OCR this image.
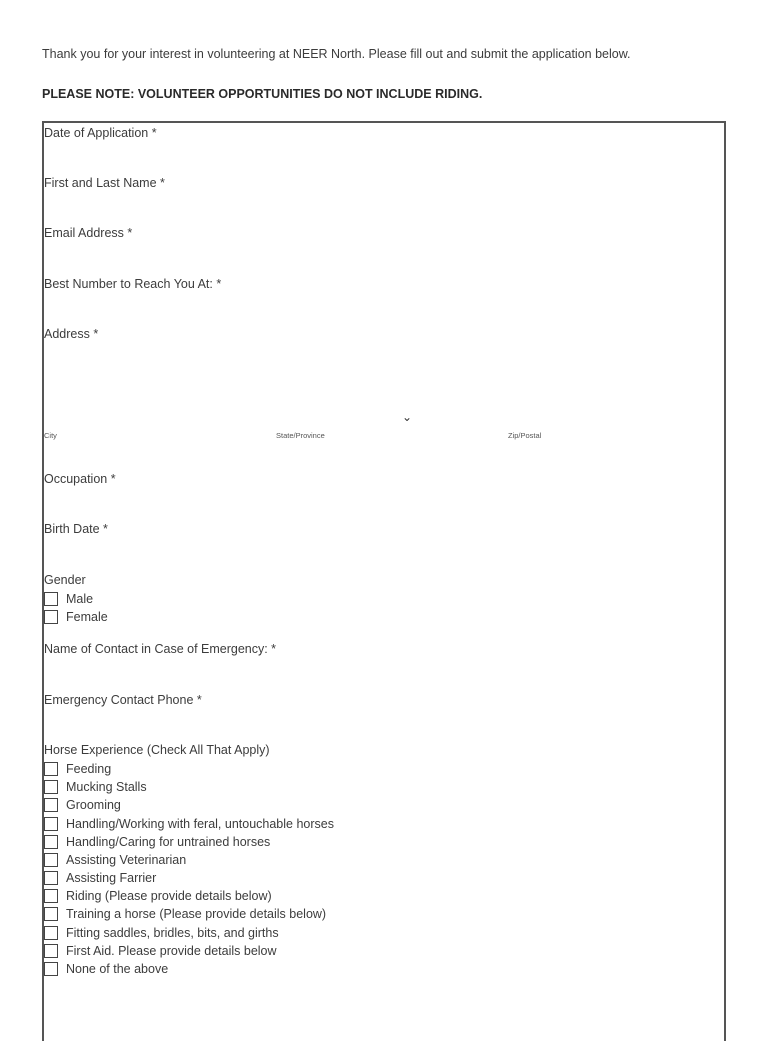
Thank you for your interest in volunteering at NEER North. Please fill out and submit the application below.
PLEASE NOTE: VOLUNTEER OPPORTUNITIES DO NOT INCLUDE RIDING.
Date of Application *
First and Last Name *
Email Address *
Best Number to Reach You At: *
Address *
City	State/Province
⌄
Zip/Postal
Occupation *
Birth Date *
Gender
Male
Female
Name of Contact in Case of Emergency: *
Emergency Contact Phone *
Horse Experience (Check All That Apply)
Feeding
Mucking Stalls
Grooming
Handling/Working with feral, untouchable horses
Handling/Caring for untrained horses
Assisting Veterinarian
Assisting Farrier
Riding (Please provide details below)
Training a horse (Please provide details below)
Fitting saddles, bridles, bits, and girths
First Aid. Please provide details below
None of the above
